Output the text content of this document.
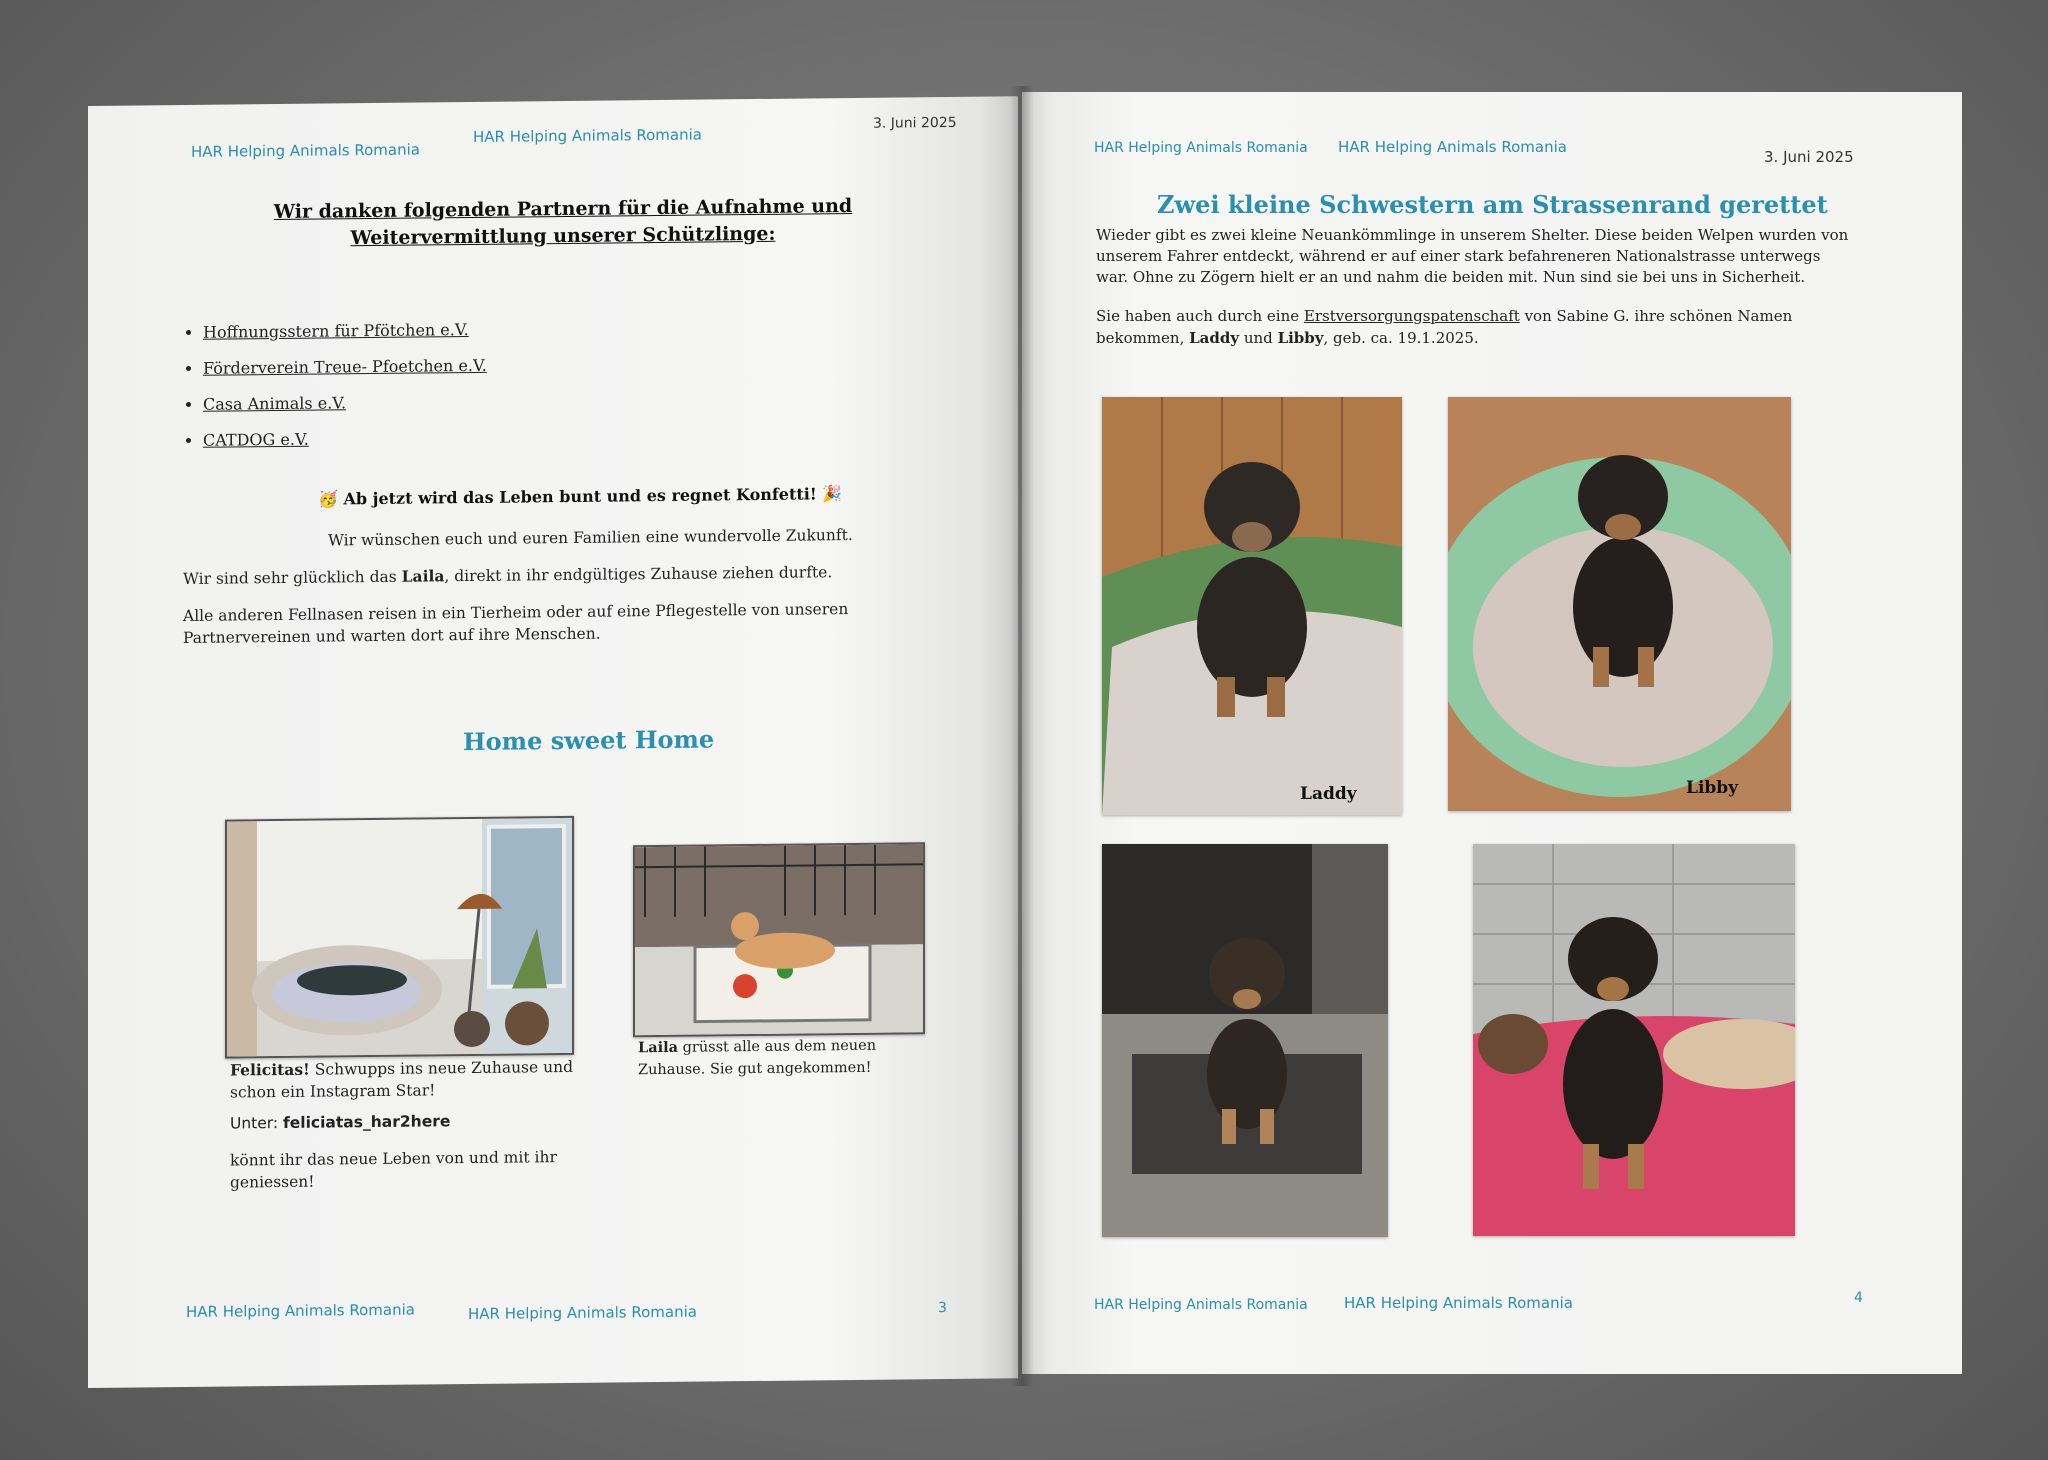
HAR Helping Animals Romania
HAR Helping Animals Romania
3. Juni 2025
Wir danken folgenden Partnern für die Aufnahme und Weitervermittlung unserer Schützlinge:
• Hoffnungsstern für Pfötchen e.V.
• Förderverein Treue- Pfoetchen e.V.
• Casa Animals e.V.
• CATDOG e.V.
🥳 Ab jetzt wird das Leben bunt und es regnet Konfetti! 🎉
Wir wünschen euch und euren Familien eine wundervolle Zukunft.
Wir sind sehr glücklich das Laila, direkt in ihr endgültiges Zuhause ziehen durfte.
Alle anderen Fellnasen reisen in ein Tierheim oder auf eine Pflegestelle von unseren Partnervereinen und warten dort auf ihre Menschen.
Home sweet Home
Felicitas! Schwupps ins neue Zuhause und schon ein Instagram Star!
Unter: feliciatas_har2here
könnt ihr das neue Leben von und mit ihr geniessen!
Laila grüsst alle aus dem neuen Zuhause. Sie gut angekommen!
HAR Helping Animals Romania	HAR Helping Animals Romania	3
HAR Helping Animals Romania HAR Helping Animals Romania
3. Juni 2025
Zwei kleine Schwestern am Strassenrand gerettet
Wieder gibt es zwei kleine Neuankömmlinge in unserem Shelter. Diese beiden Welpen wurden von unserem Fahrer entdeckt, während er auf einer stark befahreneren Nationalstrasse unterwegs war. Ohne zu Zögern hielt er an und nahm die beiden mit. Nun sind sie bei uns in Sicherheit.
Sie haben auch durch eine Erstversorgungspatenschaft von Sabine G. ihre schönen Namen bekommen, Laddy und Libby, geb. ca. 19.1.2025.
Laddy	Libby
HAR Helping Animals Romania HAR Helping Animals Romania	4
